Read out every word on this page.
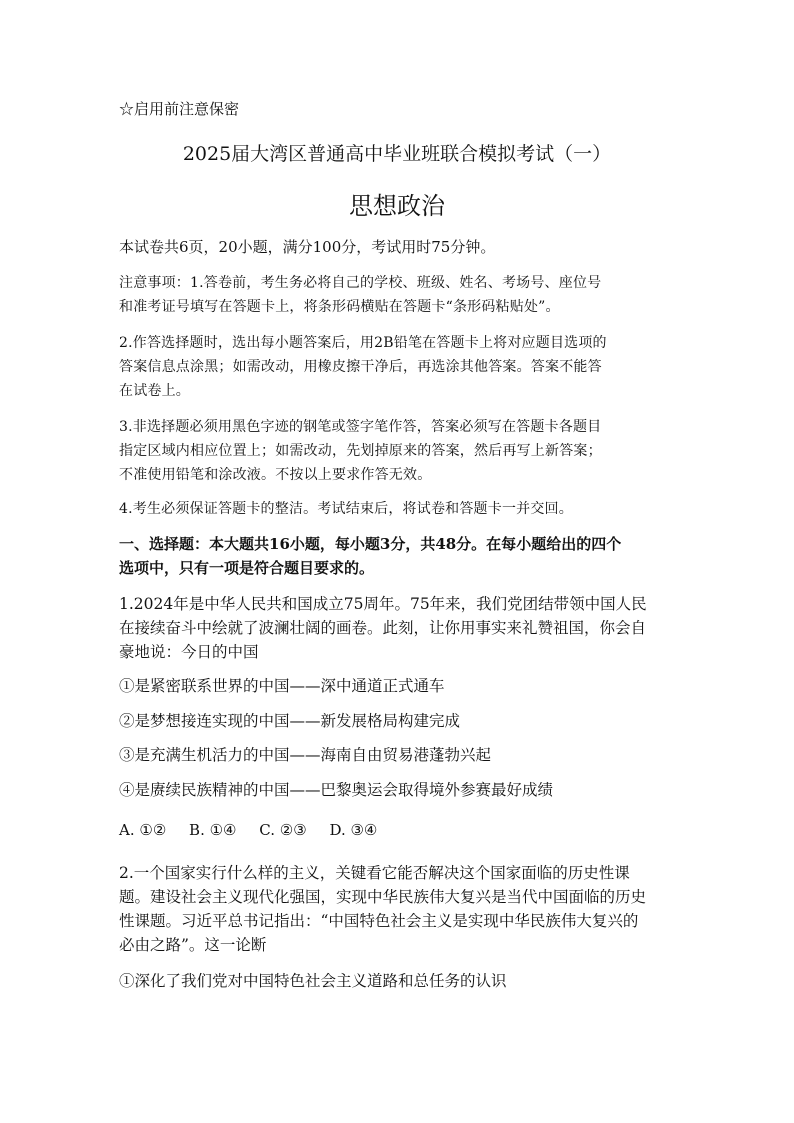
☆启用前注意保密
2025届大湾区普通高中毕业班联合模拟考试（一）
思想政治
本试卷共6页，20小题，满分100分，考试用时75分钟。
注意事项：1.答卷前，考生务必将自己的学校、班级、姓名、考场号、座位号
和准考证号填写在答题卡上，将条形码横贴在答题卡“条形码粘贴处”。
2.作答选择题时，选出每小题答案后，用2B铅笔在答题卡上将对应题目选项的
答案信息点涂黑；如需改动，用橡皮擦干净后，再选涂其他答案。答案不能答
在试卷上。
3.非选择题必须用黑色字迹的钢笔或签字笔作答，答案必须写在答题卡各题目
指定区域内相应位置上；如需改动，先划掉原来的答案，然后再写上新答案；
不准使用铅笔和涂改液。不按以上要求作答无效。
4.考生必须保证答题卡的整洁。考试结束后，将试卷和答题卡一并交回。
一、选择题：本大题共16小题，每小题3分，共48分。在每小题给出的四个
选项中，只有一项是符合题目要求的。
1.2024年是中华人民共和国成立75周年。75年来，我们党团结带领中国人民
在接续奋斗中绘就了波澜壮阔的画卷。此刻，让你用事实来礼赞祖国，你会自
豪地说：今日的中国
①是紧密联系世界的中国——深中通道正式通车
②是梦想接连实现的中国——新发展格局构建完成
③是充满生机活力的中国——海南自由贸易港蓬勃兴起
④是赓续民族精神的中国——巴黎奥运会取得境外参赛最好成绩
A. ①② B. ①④ C. ②③ D. ③④
2.一个国家实行什么样的主义，关键看它能否解决这个国家面临的历史性课
题。建设社会主义现代化强国，实现中华民族伟大复兴是当代中国面临的历史
性课题。习近平总书记指出：“中国特色社会主义是实现中华民族伟大复兴的
必由之路”。这一论断
①深化了我们党对中国特色社会主义道路和总任务的认识
